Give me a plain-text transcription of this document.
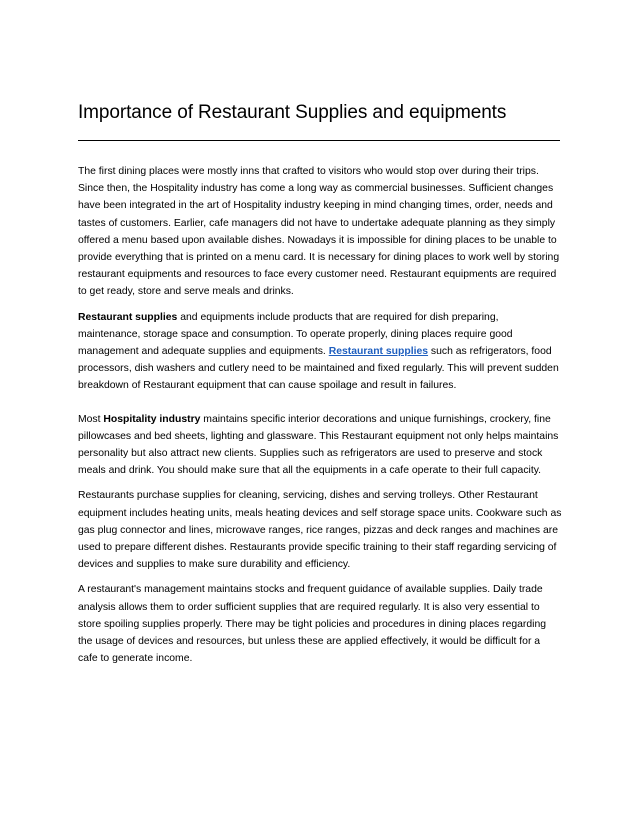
Importance of Restaurant Supplies and equipments

The first dining places were mostly inns that crafted to visitors who would stop over during their trips. Since then, the Hospitality industry has come a long way as commercial businesses. Sufficient changes have been integrated in the art of Hospitality industry keeping in mind changing times, order, needs and tastes of customers. Earlier, cafe managers did not have to undertake adequate planning as they simply offered a menu based upon available dishes. Nowadays it is impossible for dining places to be unable to provide everything that is printed on a menu card. It is necessary for dining places to work well by storing restaurant equipments and resources to face every customer need. Restaurant equipments are required to get ready, store and serve meals and drinks.

Restaurant supplies and equipments include products that are required for dish preparing, maintenance, storage space and consumption. To operate properly, dining places require good management and adequate supplies and equipments. Restaurant supplies such as refrigerators, food processors, dish washers and cutlery need to be maintained and fixed regularly. This will prevent sudden breakdown of Restaurant equipment that can cause spoilage and result in failures.

Most Hospitality industry maintains specific interior decorations and unique furnishings, crockery, fine pillowcases and bed sheets, lighting and glassware. This Restaurant equipment not only helps maintains personality but also attract new clients. Supplies such as refrigerators are used to preserve and stock meals and drink. You should make sure that all the equipments in a cafe operate to their full capacity.

Restaurants purchase supplies for cleaning, servicing, dishes and serving trolleys. Other Restaurant equipment includes heating units, meals heating devices and self storage space units. Cookware such as gas plug connector and lines, microwave ranges, rice ranges, pizzas and deck ranges and machines are used to prepare different dishes. Restaurants provide specific training to their staff regarding servicing of devices and supplies to make sure durability and efficiency.

A restaurant's management maintains stocks and frequent guidance of available supplies. Daily trade analysis allows them to order sufficient supplies that are required regularly. It is also very essential to store spoiling supplies properly. There may be tight policies and procedures in dining places regarding the usage of devices and resources, but unless these are applied effectively, it would be difficult for a cafe to generate income.
